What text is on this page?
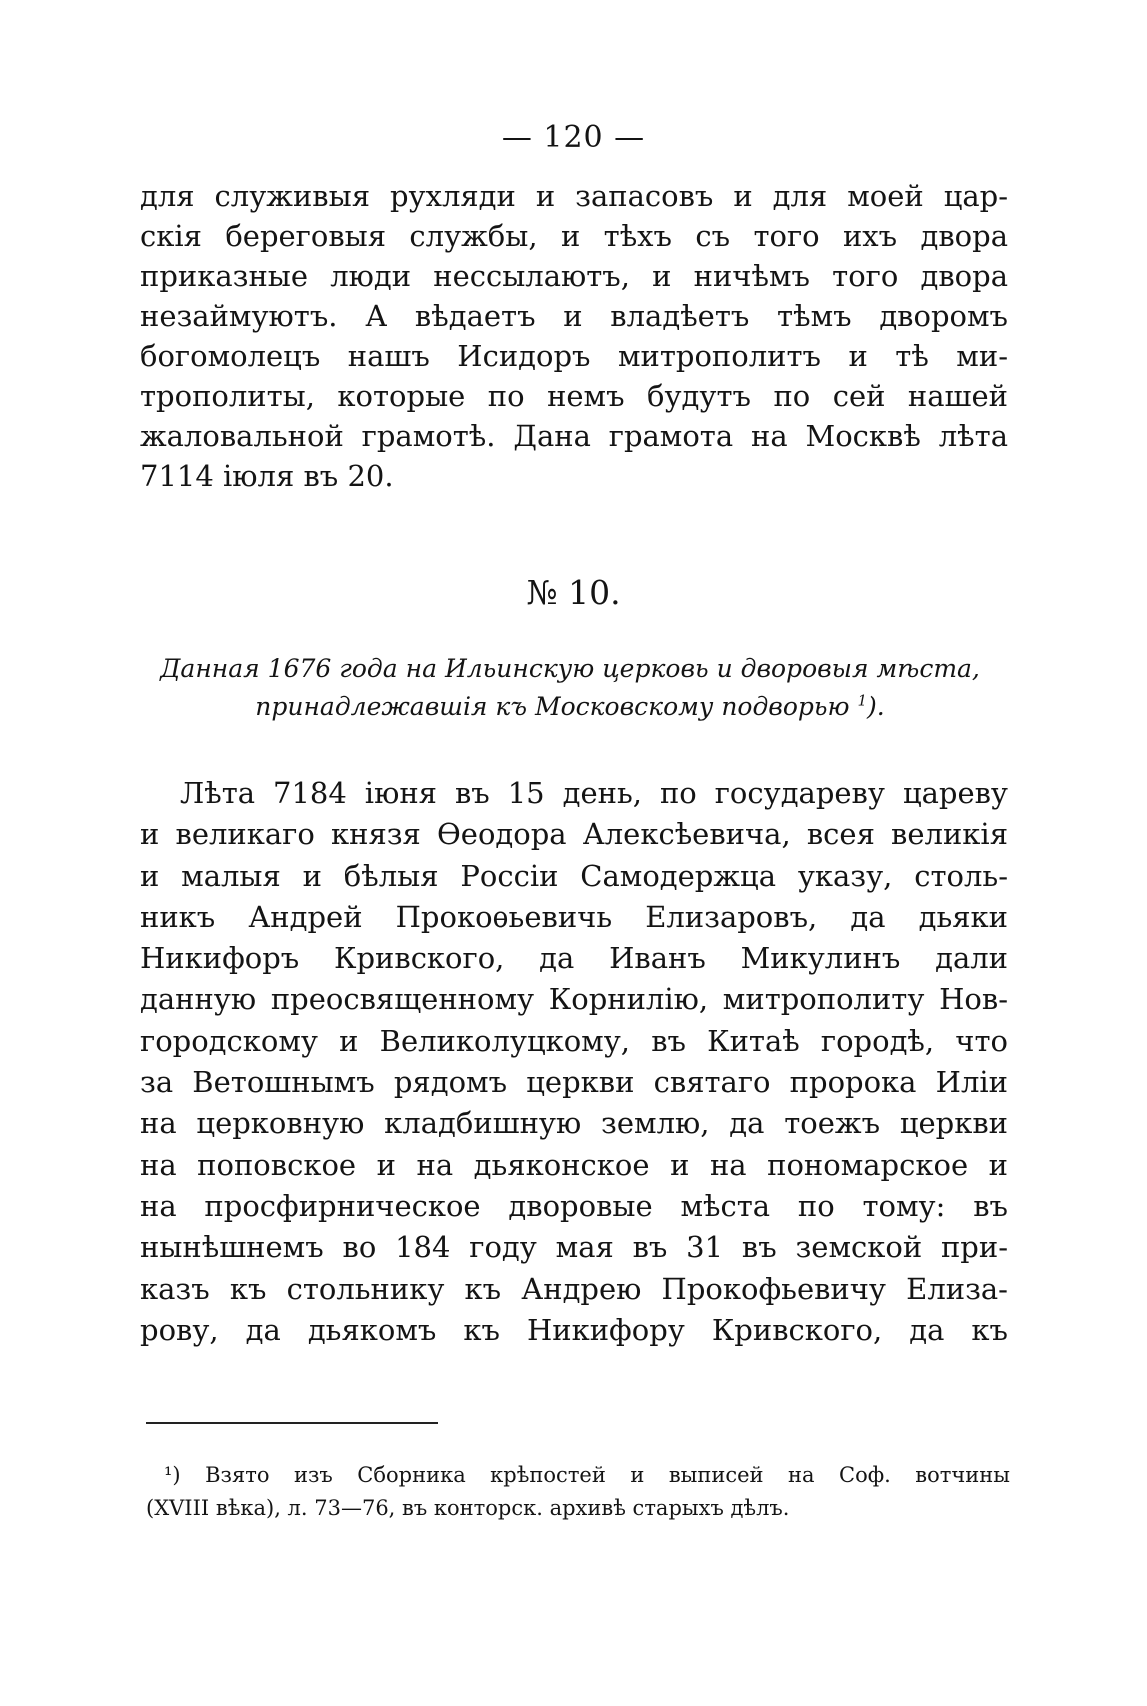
— 120 —
для служивыя рухляди и запасовъ и для моей цар-
скія береговыя службы, и тѣхъ съ того ихъ двора
приказные люди нессылаютъ, и ничѣмъ того двора
незаймуютъ. А вѣдаетъ и владѣетъ тѣмъ дворомъ
богомолецъ нашъ Исидоръ митрополитъ и тѣ ми-
трополиты, которые по немъ будутъ по сей нашей
жаловальной грамотѣ. Дана грамота на Москвѣ лѣта
7114 іюля въ 20.
№ 10.
Данная 1676 года на Ильинскую церковь и дворовыя мѣста,
принадлежавшія къ Московскому подворью $^1$).
Лѣта 7184 іюня въ 15 день, по государеву цареву
и великаго князя Ѳеодора Алексѣевича, всея великія
и малыя и бѣлыя Россіи Самодержца указу, столь-
никъ Андрей Прокоѳьевичь Елизаровъ, да дьяки
Никифоръ Кривского, да Иванъ Микулинъ дали
данную преосвященному Корнилію, митрополиту Нов-
городскому и Великолуцкому, въ Китаѣ городѣ, что
за Ветошнымъ рядомъ церкви святаго пророка Иліи
на церковную кладбишную землю, да тоежъ церкви
на поповское и на дьяконское и на пономарское и
на просфирническое дворовые мѣста по тому: въ
нынѣшнемъ во 184 году мая въ 31 въ земской при-
казъ къ стольнику къ Андрею Прокофьевичу Елиза-
рову, да дьякомъ къ Никифору Кривского, да къ
¹) Взято изъ Сборника крѣпостей и выписей на Соф. вотчины
(XVIII вѣка), л. 73—76, въ конторск. архивѣ старыхъ дѣлъ.
